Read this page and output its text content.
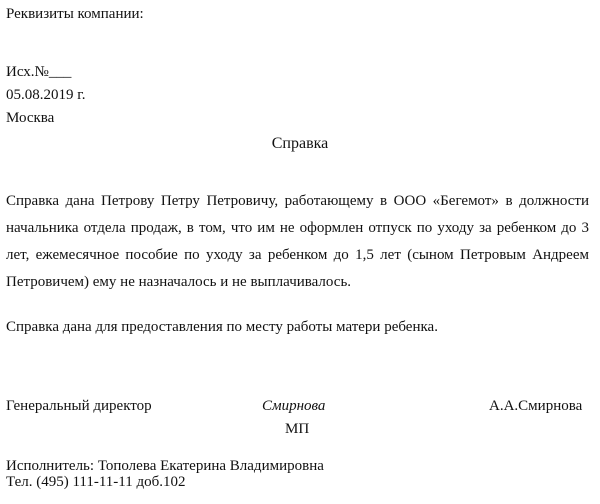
Реквизиты компании:
Исх.№___
05.08.2019 г.
Москва
Справка
Справка дана Петрову Петру Петровичу, работающему в ООО «Бегемот» в должности
начальника отдела продаж, в том, что им не оформлен отпуск по уходу за ребенком до 3
лет, ежемесячное пособие по уходу за ребенком до 1,5 лет (сыном Петровым Андреем
Петровичем) ему не назначалось и не выплачивалось.
Справка дана для предоставления по месту работы матери ребенка.
Генеральный директор	Смирнова	А.А.Смирнова
МП
Исполнитель: Тополева Екатерина Владимировна
Тел. (495) 111-11-11 доб.102
